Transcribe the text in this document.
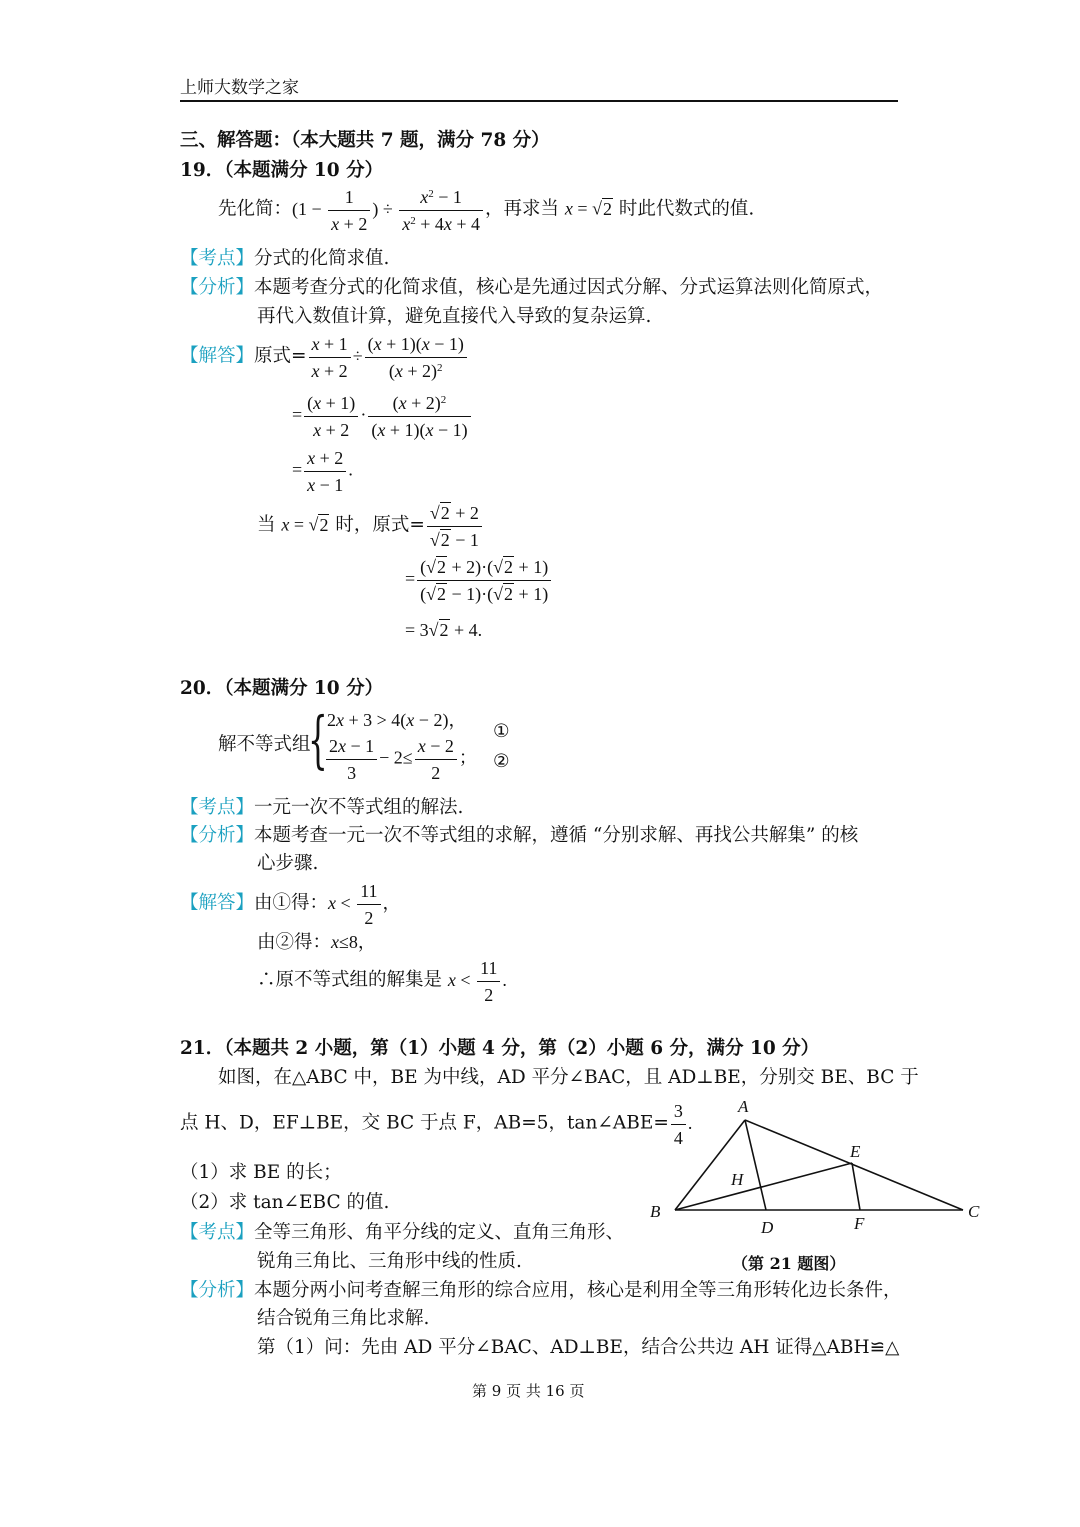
上师大数学之家
三、解答题：（本大题共 7 题，满分 78 分）
19．（本题满分 10 分）
先化简：($1 - \frac{1}{x + 2}$ ) ÷ $\frac{x^2 - 1}{x^2 + 4x + 4}$ ，再求当 x = √2 时此代数式的值.
【考点】分式的化简求值.
【分析】本题考查分式的化简求值，核心是先通过因式分解、分式运算法则化简原式，
再代入数值计算，避免直接代入导致的复杂运算.
【解答】原式= $\frac{x + 1}{x + 2} \div \frac{(x + 1)(x - 1)}{(x + 2)^2}$
= $\frac{(x + 1)}{x + 2} \cdot \frac{(x + 2)^2}{(x + 1)(x - 1)}$
= $\frac{x + 2}{x - 1}$ .
当 x = √2 时，原式= $\frac{√2 + 2}{√2 - 1}$
= $\frac{(√2 + 2)\cdot(√2 + 1)}{(√2 - 1)\cdot(√2 + 1)}$
= 3√2 + 4.
20．（本题满分 10 分）
解不等式组
{ 2x + 3 > 4(x − 2)，
$\frac{2x - 1}{3} - 2\le \frac{x - 2}{2}$ ；
①
②
【考点】一元一次不等式组的解法.
【分析】本题考查一元一次不等式组的求解，遵循 “分别求解、再找公共解集” 的核
心步骤.
【解答】由①得：$x < \frac{11}{2}$ ，
由②得：x≤8，
∴原不等式组的解集是 $x < \frac{11}{2}$ .
21．（本题共 2 小题，第（1）小题 4 分，第（2）小题 6 分，满分 10 分）
如图，在△ABC 中，BE 为中线，AD 平分∠BAC，且 AD⊥BE，分别交 BE、BC 于
点 H、D，EF⊥BE，交 BC 于点 F，AB=5，tan∠ABE= $\frac{3}{4}$ .
（1）求 BE 的长；
（2）求 tan∠EBC 的值.
【考点】全等三角形、角平分线的定义、直角三角形、
锐角三角比、三角形中线的性质.
A
B	C
D
E
F
H
（第 21 题图）
【分析】本题分两小问考查解三角形的综合应用，核心是利用全等三角形转化边长条件，
结合锐角三角比求解.
第（1）问：先由 AD 平分∠BAC、AD⊥BE，结合公共边 AH 证得△ABH≌△
第 9 页 共 16 页
